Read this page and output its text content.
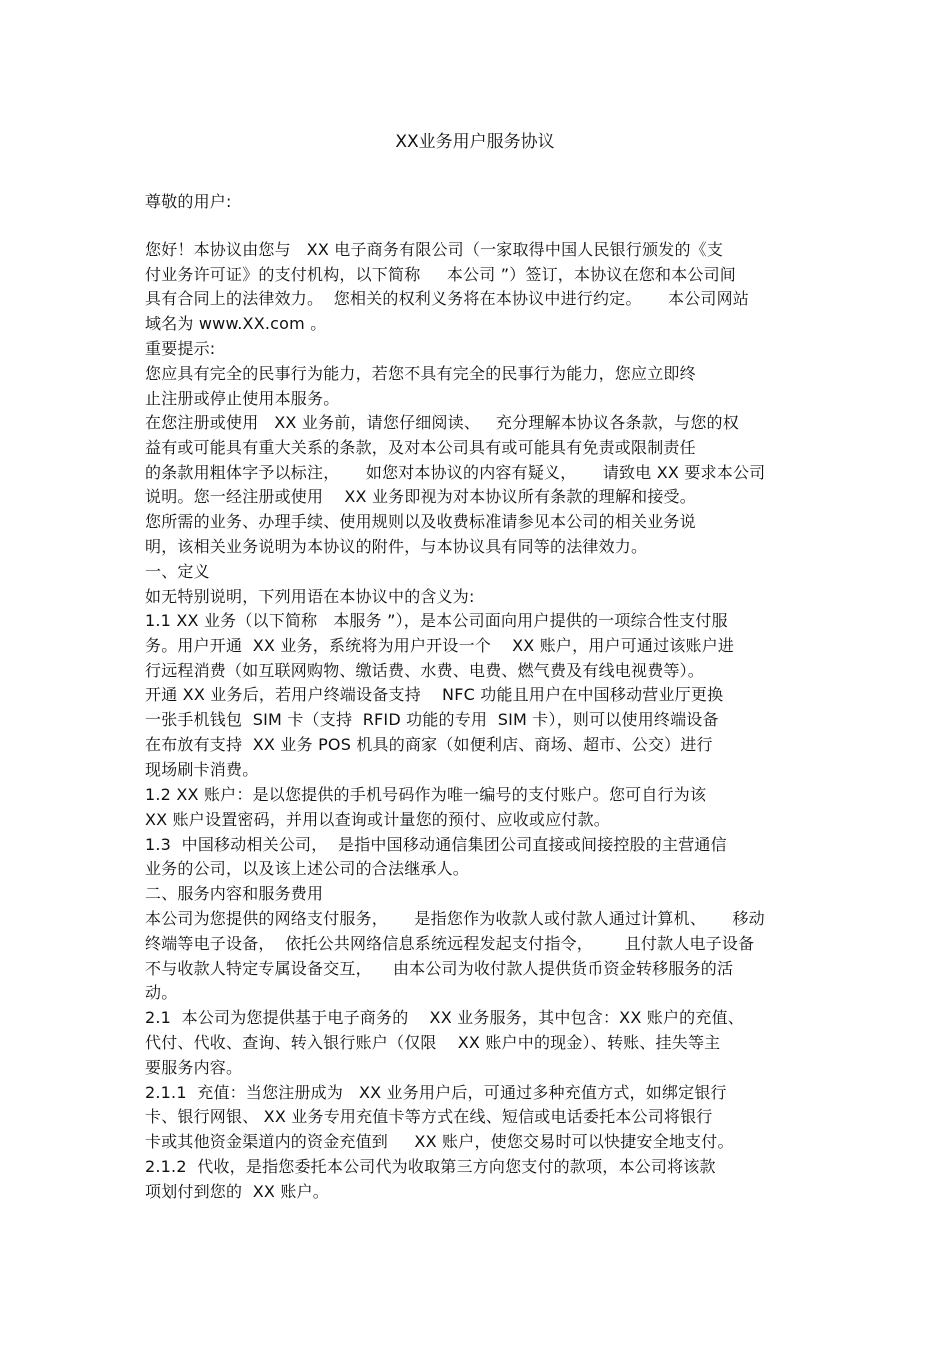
XX业务用户服务协议
尊敬的用户:
您好！本协议由您与   XX 电子商务有限公司（一家取得中国人民银行颁发的《支
付业务许可证》的支付机构，以下简称     本公司 ”）签订，本协议在您和本公司间
具有合同上的法律效力。  您相关的权利义务将在本协议中进行约定。     本公司网站
域名为 www.XX.com 。
重要提示:
您应具有完全的民事行为能力，若您不具有完全的民事行为能力，您应立即终
止注册或停止使用本服务。
在您注册或使用   XX 业务前，请您仔细阅读、   充分理解本协议各条款，与您的权
益有或可能具有重大关系的条款，及对本公司具有或可能具有免责或限制责任
的条款用粗体字予以标注，     如您对本协议的内容有疑义，     请致电 XX 要求本公司
说明。您一经注册或使用    XX 业务即视为对本协议所有条款的理解和接受。
您所需的业务、办理手续、使用规则以及收费标准请参见本公司的相关业务说
明，该相关业务说明为本协议的附件，与本协议具有同等的法律效力。
一、定义
如无特别说明，下列用语在本协议中的含义为:
1.1 XX 业务（以下简称   本服务 ”），是本公司面向用户提供的一项综合性支付服
务。用户开通  XX 业务，系统将为用户开设一个    XX 账户，用户可通过该账户进
行远程消费（如互联网购物、缴话费、水费、电费、燃气费及有线电视费等）。
开通 XX 业务后，若用户终端设备支持    NFC 功能且用户在中国移动营业厅更换
一张手机钱包  SIM 卡（支持  RFID 功能的专用  SIM 卡），则可以使用终端设备
在布放有支持  XX 业务 POS 机具的商家（如便利店、商场、超市、公交）进行
现场刷卡消费。
1.2 XX 账户：是以您提供的手机号码作为唯一编号的支付账户。您可自行为该
XX 账户设置密码，并用以查询或计量您的预付、应收或应付款。
1.3  中国移动相关公司，  是指中国移动通信集团公司直接或间接控股的主营通信
业务的公司，以及该上述公司的合法继承人。
二、服务内容和服务费用
本公司为您提供的网络支付服务，     是指您作为收款人或付款人通过计算机、     移动
终端等电子设备，  依托公共网络信息系统远程发起支付指令，      且付款人电子设备
不与收款人特定专属设备交互，    由本公司为收付款人提供货币资金转移服务的活
动。
2.1  本公司为您提供基于电子商务的    XX 业务服务，其中包含：XX 账户的充值、
代付、代收、查询、转入银行账户（仅限    XX 账户中的现金）、转账、挂失等主
要服务内容。
2.1.1  充值：当您注册成为   XX 业务用户后，可通过多种充值方式，如绑定银行
卡、银行网银、 XX 业务专用充值卡等方式在线、短信或电话委托本公司将银行
卡或其他资金渠道内的资金充值到     XX 账户，使您交易时可以快捷安全地支付。
2.1.2  代收，是指您委托本公司代为收取第三方向您支付的款项，本公司将该款
项划付到您的  XX 账户。
